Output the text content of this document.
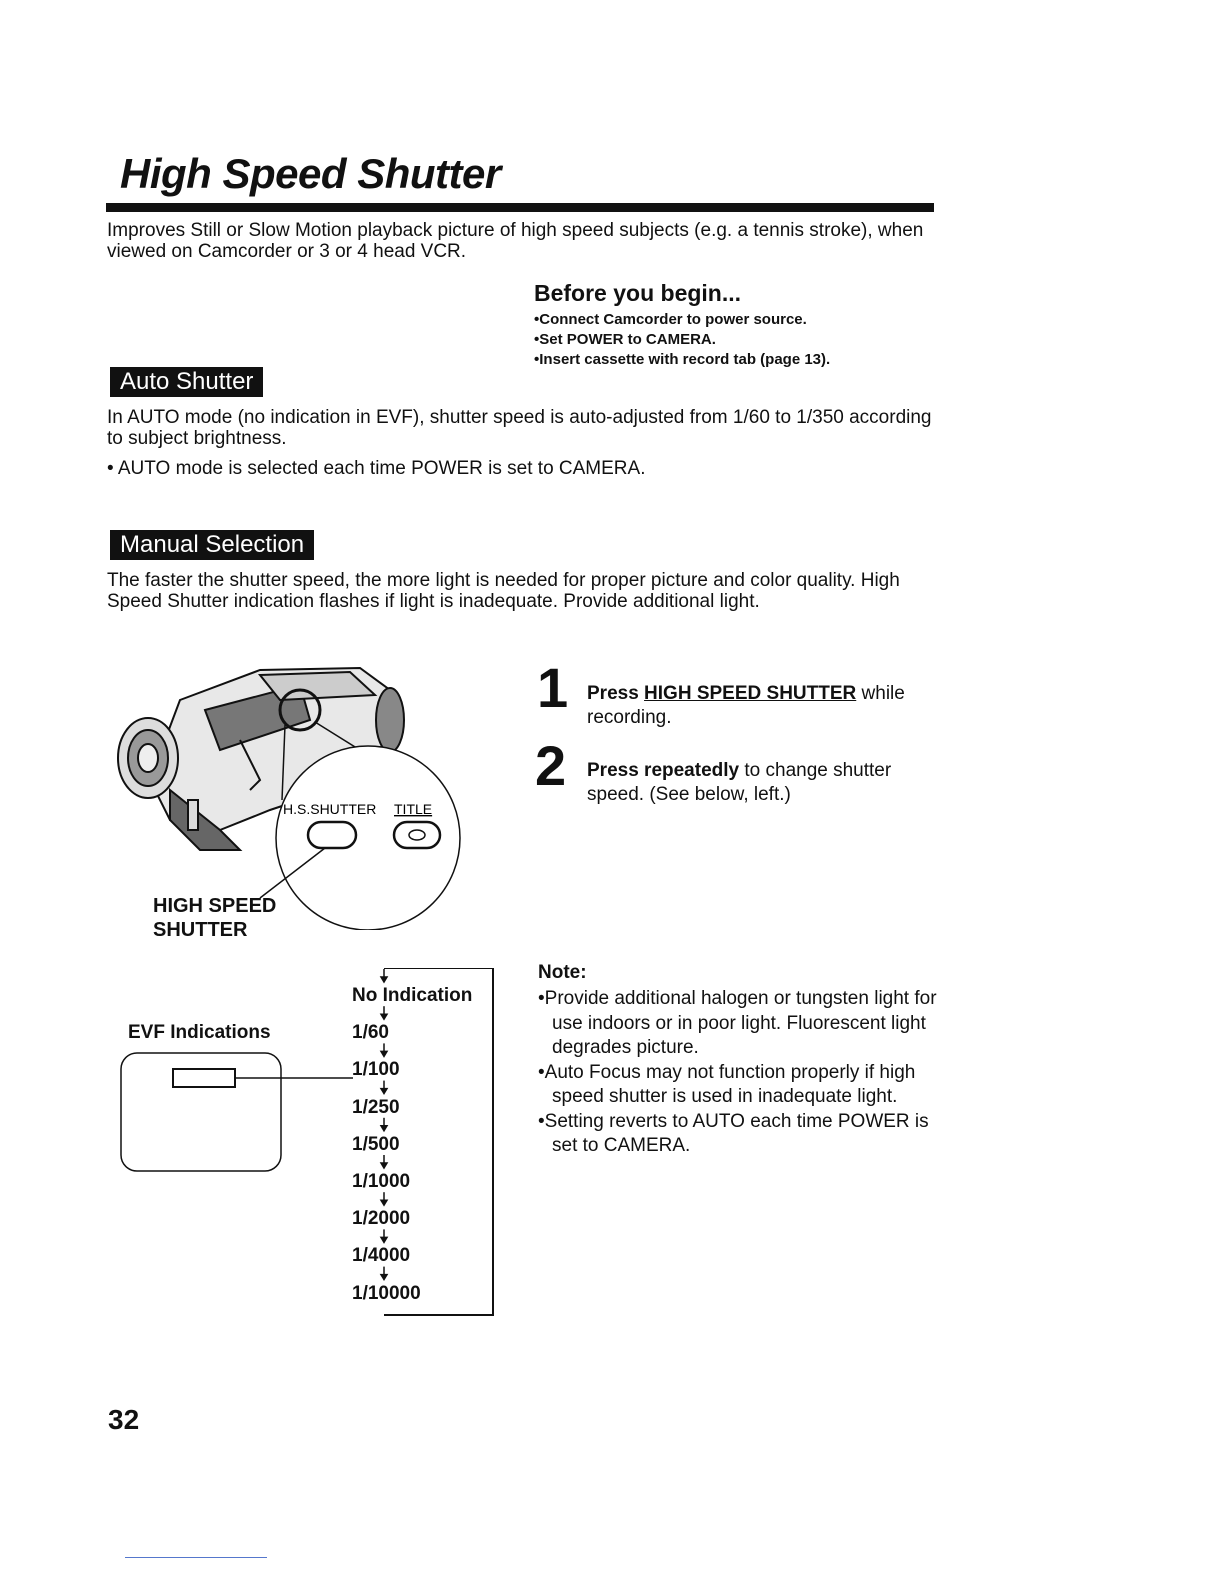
High Speed Shutter
Improves Still or Slow Motion playback picture of high speed subjects (e.g. a tennis stroke), when viewed on Camcorder or 3 or 4 head VCR.
Before you begin...
• Connect Camcorder to power source.
• Set POWER to CAMERA.
• Insert cassette with record tab (page 13).
Auto Shutter
In AUTO mode (no indication in EVF), shutter speed is auto-adjusted from 1/60 to 1/350 according to subject brightness.
• AUTO mode is selected each time POWER is set to CAMERA.
Manual Selection
The faster the shutter speed, the more light is needed for proper picture and color quality. High Speed Shutter indication flashes if light is inadequate. Provide additional light.
H.S.SHUTTER TITLE
HIGH SPEED SHUTTER
1 Press HIGH SPEED SHUTTER while recording.
2 Press repeatedly to change shutter speed. (See below, left.)
EVF Indications
No Indication
1/60
1/100
1/250
1/500
1/1000
1/2000
1/4000
1/10000
Note:
• Provide additional halogen or tungsten light for use indoors or in poor light. Fluorescent light degrades picture.
• Auto Focus may not function properly if high speed shutter is used in inadequate light.
• Setting reverts to AUTO each time POWER is set to CAMERA.
32
